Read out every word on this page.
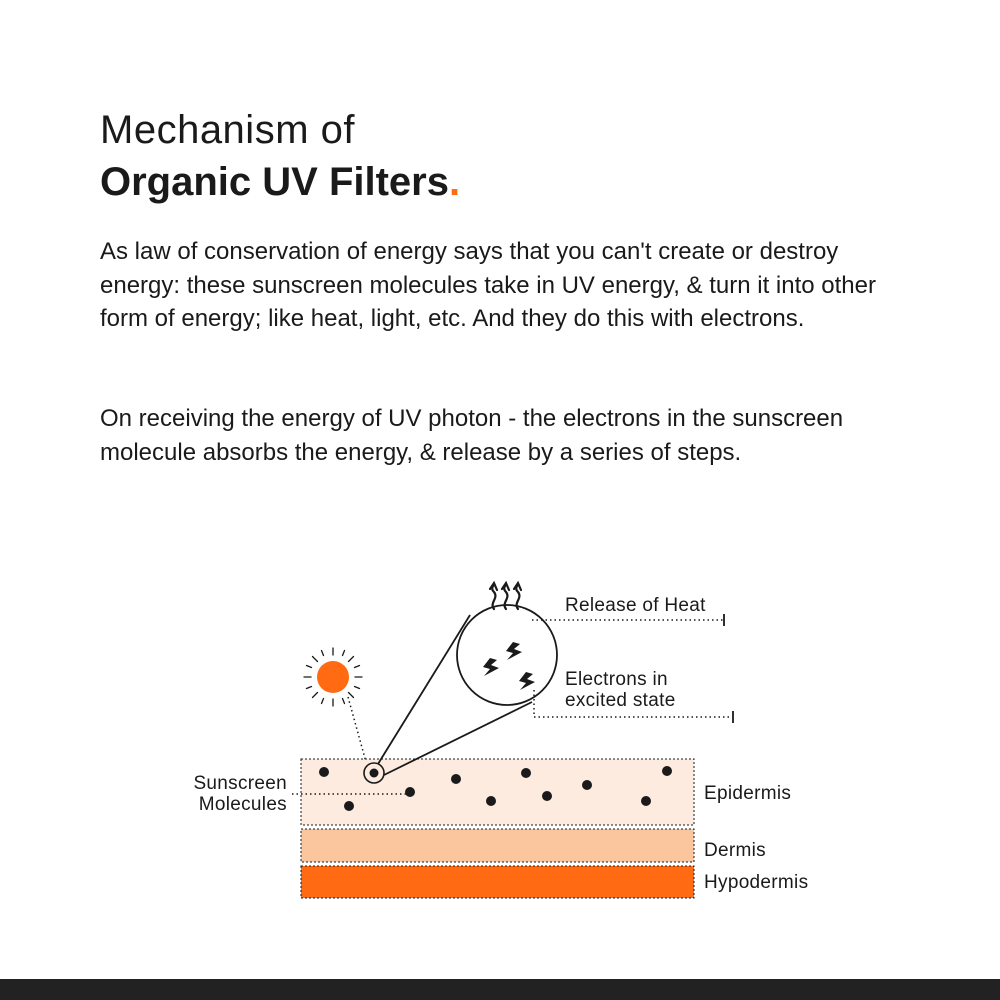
Mechanism of
Organic UV Filters.

As law of conservation of energy says that you can't create or destroy energy: these sunscreen molecules take in UV energy, & turn it into other form of energy; like heat, light, etc. And they do this with electrons.

On receiving the energy of UV photon - the electrons in the sunscreen molecule absorbs the energy, & release by a series of steps.

Release of Heat
Electrons in
excited state
Sunscreen
Molecules
Epidermis
Dermis
Hypodermis
